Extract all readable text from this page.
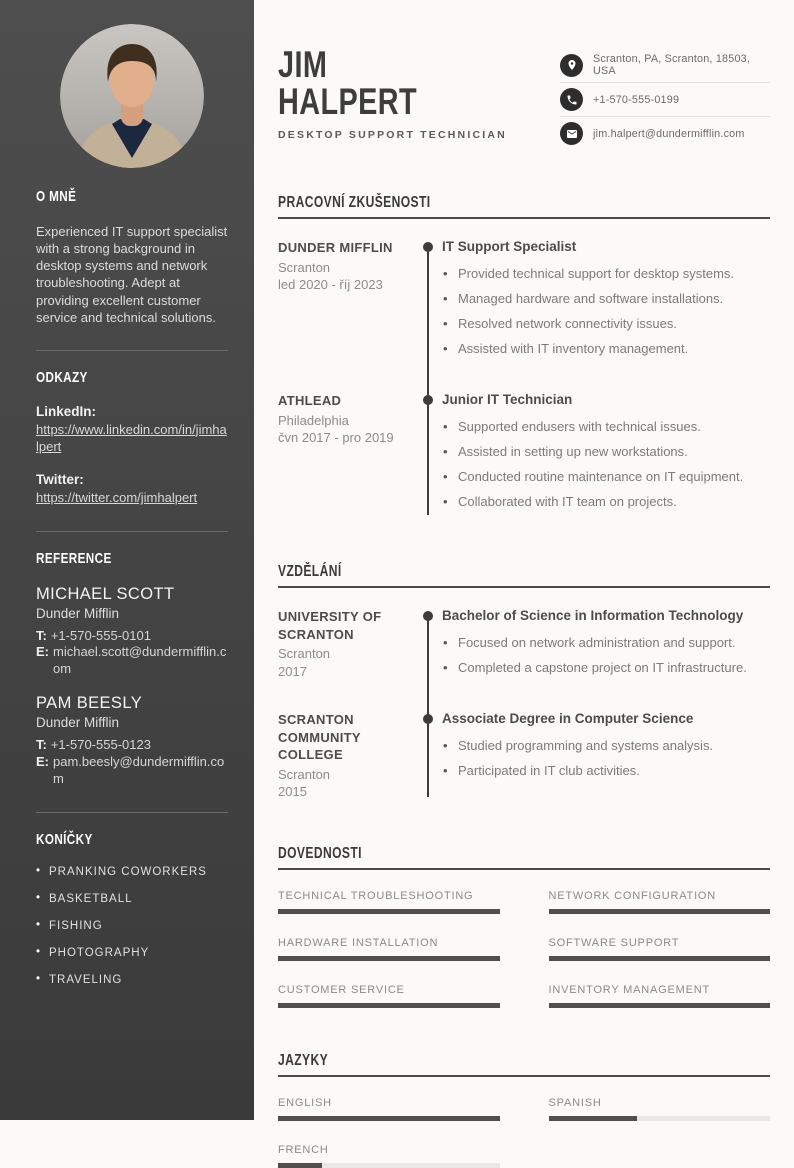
O MNĚ

Experienced IT support specialist with a strong background in desktop systems and network troubleshooting. Adept at providing excellent customer service and technical solutions.

ODKAZY
LinkedIn:
https://www.linkedin.com/in/jimhalpert
Twitter:
https://twitter.com/jimhalpert
REFERENCE
MICHAEL SCOTT
Dunder Mifflin
T: +1-570-555-0101
E: michael.scott@dundermifflin.com
PAM BEESLY
Dunder Mifflin
T: +1-570-555-0123
E: pam.beesly@dundermifflin.com
KONÍČKY
• PRANKING COWORKERS
• BASKETBALL
• FISHING
• PHOTOGRAPHY
• TRAVELING
JIM
HALPERT
DESKTOP SUPPORT TECHNICIAN
Scranton, PA, Scranton, 18503, USA
+1-570-555-0199
jim.halpert@dundermifflin.com
PRACOVNÍ ZKUŠENOSTI
DUNDER MIFFLIN
Scranton
led 2020 - říj 2023
IT Support Specialist
• Provided technical support for desktop systems.
• Managed hardware and software installations.
• Resolved network connectivity issues.
• Assisted with IT inventory management.
ATHLEAD
Philadelphia
čvn 2017 - pro 2019
Junior IT Technician
• Supported endusers with technical issues.
• Assisted in setting up new workstations.
• Conducted routine maintenance on IT equipment.
• Collaborated with IT team on projects.
VZDĚLÁNÍ
UNIVERSITY OF SCRANTON
Scranton
2017
Bachelor of Science in Information Technology
• Focused on network administration and support.
• Completed a capstone project on IT infrastructure.
SCRANTON COMMUNITY COLLEGE
Scranton
2015
Associate Degree in Computer Science
• Studied programming and systems analysis.
• Participated in IT club activities.
DOVEDNOSTI
TECHNICAL TROUBLESHOOTING	NETWORK CONFIGURATION
HARDWARE INSTALLATION	SOFTWARE SUPPORT
CUSTOMER SERVICE	INVENTORY MANAGEMENT
JAZYKY
ENGLISH	SPANISH
FRENCH
